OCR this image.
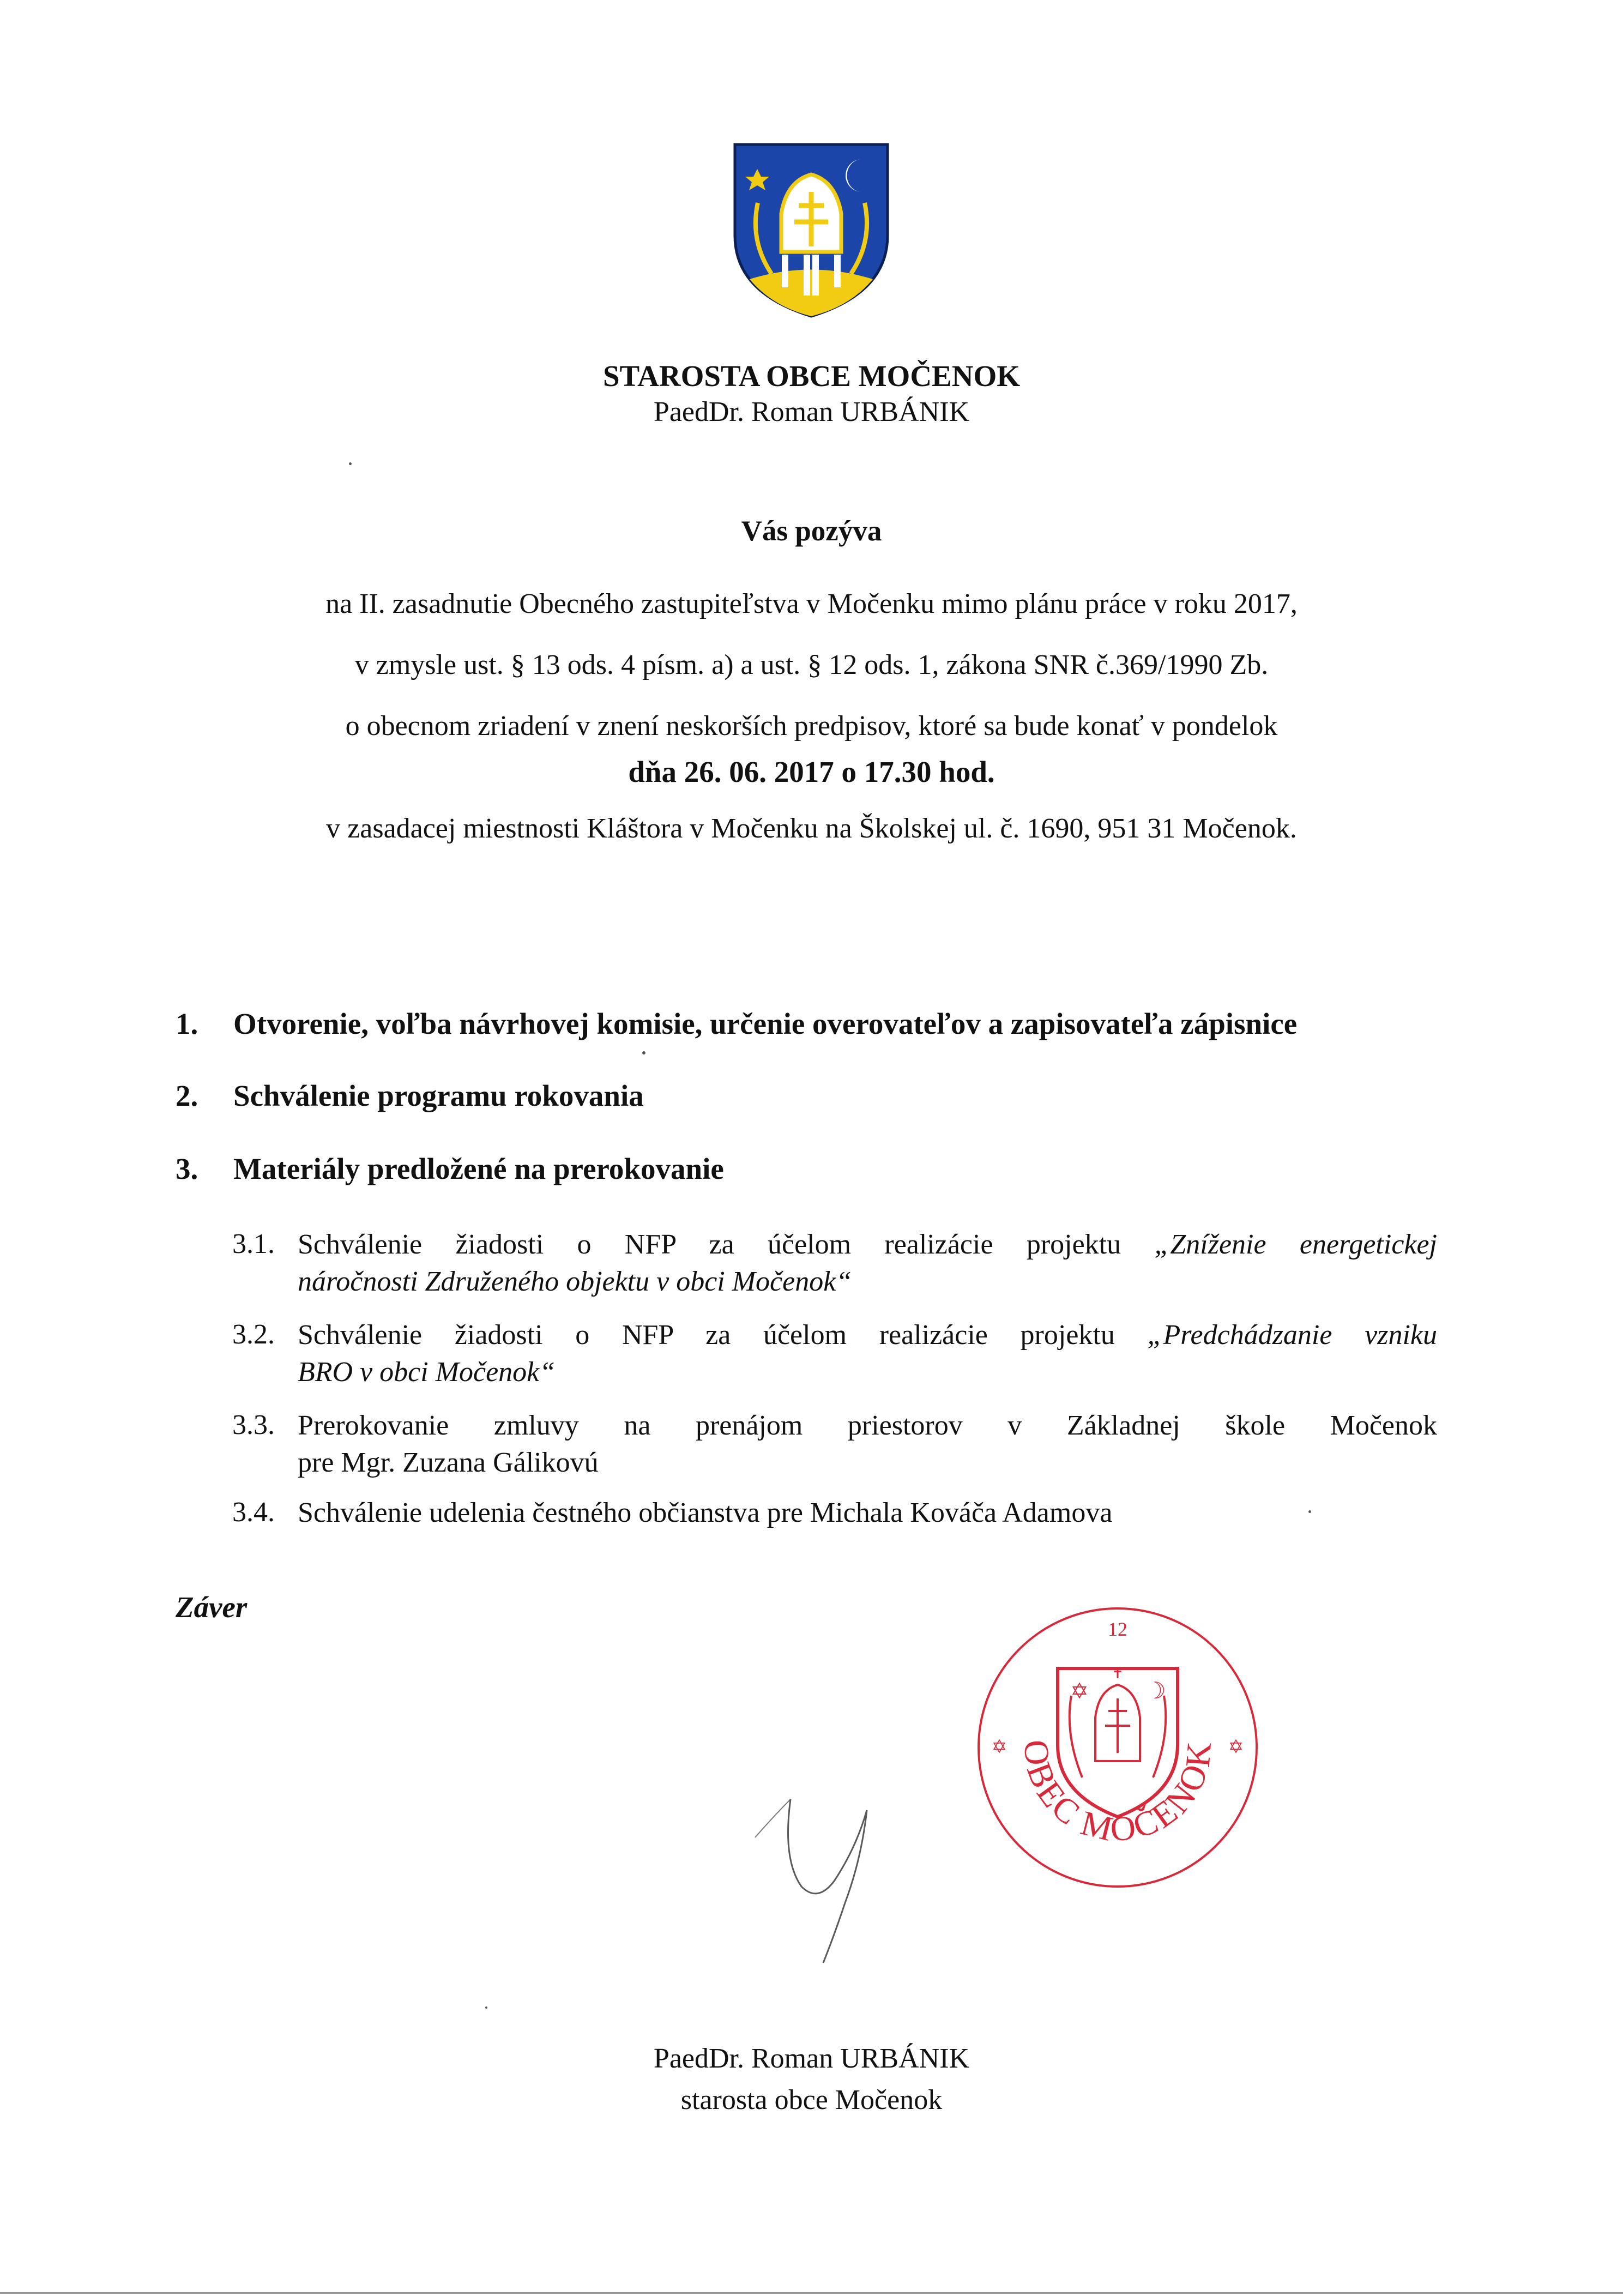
STAROSTA OBCE MOČENOK
PaedDr. Roman URBÁNIK
Vás pozýva
na II. zasadnutie Obecného zastupiteľstva v Močenku mimo plánu práce v roku 2017,
v zmysle ust. § 13 ods. 4 písm. a) a ust. § 12 ods. 1, zákona SNR č.369/1990 Zb.
o obecnom zriadení v znení neskorších predpisov, ktoré sa bude konať v pondelok
dňa 26. 06. 2017 o 17.30 hod.
v zasadacej miestnosti Kláštora v Močenku na Školskej ul. č. 1690, 951 31 Močenok.
1. Otvorenie, voľba návrhovej komisie, určenie overovateľov a zapisovateľa zápisnice
2. Schválenie programu rokovania
3. Materiály predložené na prerokovanie
3.1. Schválenie žiadosti o NFP za účelom realizácie projektu „Zníženie energetickej
náročnosti Združeného objektu v obci Močenok“
3.2. Schválenie žiadosti o NFP za účelom realizácie projektu „Predchádzanie vzniku
BRO v obci Močenok“
3.3. Prerokovanie zmluvy na prenájom priestorov v Základnej škole Močenok
pre Mgr. Zuzana Gálikovú
3.4. Schválenie udelenia čestného občianstva pre Michala Kováča Adamova
Záver
12
✡ ☽
✝
✡	✡
OBEC MOČENOK
PaedDr. Roman URBÁNIK
starosta obce Močenok
